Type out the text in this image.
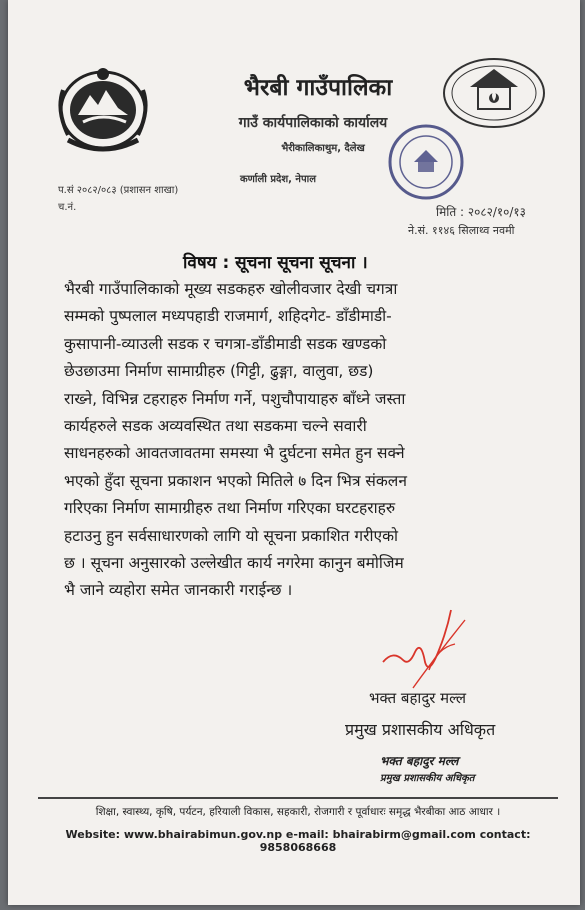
भैरबी गाउँपालिका
गाउँ कार्यपालिकाको कार्यालय
भैरीकालिकाथुम, दैलेख
कर्णाली प्रदेश, नेपाल
प.सं २०८२/०८३ (प्रशासन शाखा)
च.नं.	मिति : २०८२/१०/१३
ने.सं. ११४६ सिलाथ्व नवमी
विषय : सूचना सूचना सूचना ।
भैरबी गाउँपालिकाको मूख्य सडकहरु खोलीवजार देखी चगत्रा
सम्मको पुष्पलाल मध्यपहाडी राजमार्ग, शहिदगेट- डाँडीमाडी-
कुसापानी-व्याउली सडक र चगत्रा-डाँडीमाडी सडक खण्डको
छेउछाउमा निर्माण सामाग्रीहरु (गिट्टी, ढुङ्गा, वालुवा, छड)
राख्ने, विभिन्न टहराहरु निर्माण गर्ने, पशुचौपायाहरु बाँध्ने जस्ता
कार्यहरुले सडक अव्यवस्थित तथा सडकमा चल्ने सवारी
साधनहरुको आवतजावतमा समस्या भै दुर्घटना समेत हुन सक्ने
भएको हुँदा सूचना प्रकाशन भएको मितिले ७ दिन भित्र संकलन
गरिएका निर्माण सामाग्रीहरु तथा निर्माण गरिएका घरटहराहरु
हटाउनु हुन सर्वसाधारणको लागि यो सूचना प्रकाशित गरीएको
छ । सूचना अनुसारको उल्लेखीत कार्य नगरेमा कानुन बमोजिम
भै जाने व्यहोरा समेत जानकारी गराईन्छ ।
भक्त बहादुर मल्ल
प्रमुख प्रशासकीय अधिकृत
भक्त बहादुर मल्ल
प्रमुख प्रशासकीय अधिकृत
शिक्षा, स्वास्थ्य, कृषि, पर्यटन, हरियाली विकास, सहकारी, रोजगारी र पूर्वाधारः समृद्ध भैरबीका आठ आधार ।
Website: www.bhairabimun.gov.np e-mail: bhairabirm@gmail.com contact: 9858068668
